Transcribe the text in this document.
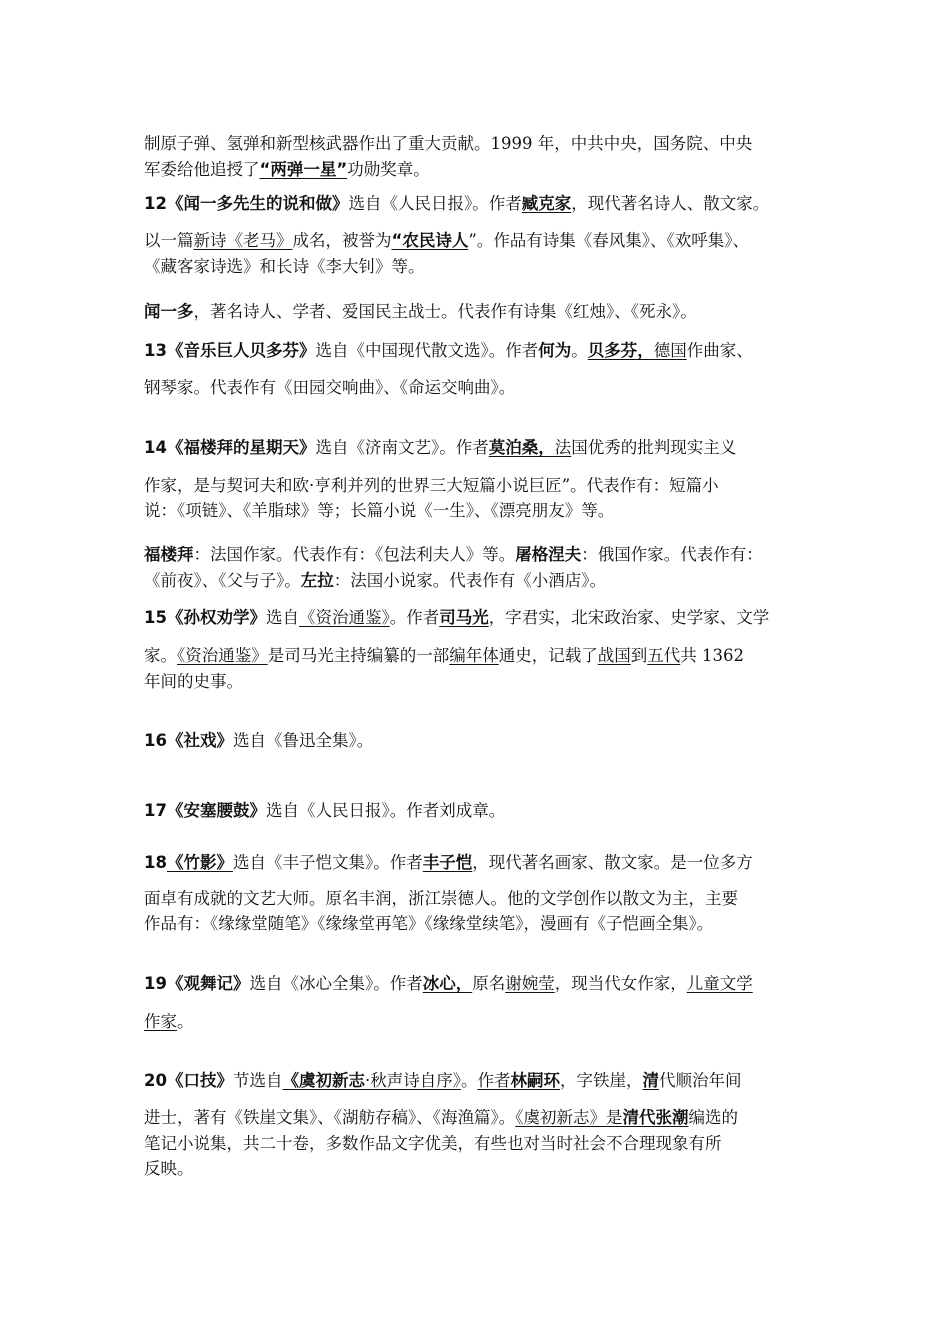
制原子弹、氢弹和新型核武器作出了重大贡献。1999 年，中共中央，国务院、中央
军委给他追授了“两弹一星”功勋奖章。
12《闻一多先生的说和做》选自《人民日报》。作者臧克家，现代著名诗人、散文家。
以一篇新诗《老马》成名，被誉为“农民诗人”。作品有诗集《春风集》、《欢呼集》、
《藏客家诗选》和长诗《李大钊》等。
闻一多，著名诗人、学者、爱国民主战士。代表作有诗集《红烛》、《死永》。
13《音乐巨人贝多芬》选自《中国现代散文选》。作者何为。贝多芬，德国作曲家、
钢琴家。代表作有《田园交响曲》、《命运交响曲》。
14《福楼拜的星期天》选自《济南文艺》。作者莫泊桑，法国优秀的批判现实主义
作家，是与契诃夫和欧·亨利并列的世界三大短篇小说巨匠”。代表作有：短篇小
说：《项链》、《羊脂球》等；长篇小说《一生》、《漂亮朋友》等。
福楼拜：法国作家。代表作有：《包法利夫人》等。屠格涅夫：俄国作家。代表作有：
《前夜》、《父与子》。左拉：法国小说家。代表作有《小酒店》。
15《孙权劝学》选自《资治通鉴》。作者司马光，字君实，北宋政治家、史学家、文学
家。《资治通鉴》是司马光主持编纂的一部编年体通史，记载了战国到五代共 1362
年间的史事。
16《社戏》选自《鲁迅全集》。
17《安塞腰鼓》选自《人民日报》。作者刘成章。
18《竹影》选自《丰子恺文集》。作者丰子恺，现代著名画家、散文家。是一位多方
面卓有成就的文艺大师。原名丰润，浙江崇德人。他的文学创作以散文为主，主要
作品有：《缘缘堂随笔》《缘缘堂再笔》《缘缘堂续笔》，漫画有《子恺画全集》。
19《观舞记》选自《冰心全集》。作者冰心，原名谢婉莹，现当代女作家，儿童文学
作家。
20《口技》节选自《虞初新志·秋声诗自序》。作者林嗣环，字铁崖，清代顺治年间
进士，著有《铁崖文集》、《湖舫存稿》、《海渔篇》。《虞初新志》是清代张潮编选的
笔记小说集，共二十卷，多数作品文字优美，有些也对当时社会不合理现象有所
反映。
